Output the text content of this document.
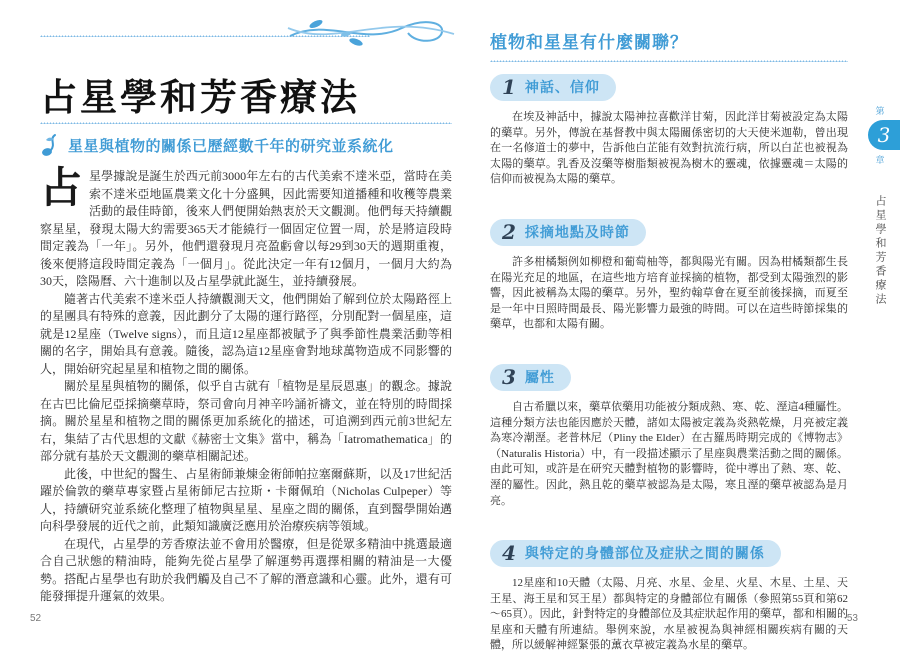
占星學和芳香療法
星星與植物的關係已歷經數千年的研究並系統化

占星學據說是誕生於西元前3000年左右的古代美索不達米亞，當時在美索不達米亞地區農業文化十分盛興，因此需要知道播種和收穫等農業活動的最佳時節，後來人們便開始熱衷於天文觀測。他們每天持續觀察星星，發現太陽大約需要365天才能繞行一個固定位置一周，於是將這段時間定義為「一年」。另外，他們還發現月亮盈虧會以每29到30天的週期重複，後來便將這段時間定義為「一個月」。從此決定一年有12個月，一個月大約為30天，陰陽曆、六十進制以及占星學就此誕生，並持續發展。

隨著古代美索不達米亞人持續觀測天文，他們開始了解到位於太陽路徑上的星團具有特殊的意義，因此劃分了太陽的運行路徑，分別配對一個星座，這就是12星座（Twelve signs），而且這12星座都被賦予了與季節性農業活動等相關的名字，開始具有意義。隨後，認為這12星座會對地球萬物造成不同影響的人，開始研究起星星和植物之間的關係。

關於星星與植物的關係，似乎自古就有「植物是星辰恩惠」的觀念。據說在古巴比倫尼亞採摘藥草時，祭司會向月神辛吟誦祈禱文，並在特別的時間採摘。關於星星和植物之間的關係更加系統化的描述，可追溯到西元前3世紀左右，集結了古代思想的文獻《赫密士文集》當中，稱為「Iatromathematica」的部分就有基於天文觀測的藥草相關記述。

此後，中世紀的醫生、占星術師兼煉金術師帕拉塞爾蘇斯，以及17世紀活躍於倫敦的藥草專家暨占星術師尼古拉斯・卡爾佩珀（Nicholas Culpeper）等人，持續研究並系統化整理了植物與星星、星座之間的關係，直到醫學開始邁向科學發展的近代之前，此類知識廣泛應用於治療疾病等領域。

在現代，占星學的芳香療法並不會用於醫療，但是從眾多精油中挑選最適合自己狀態的精油時，能夠先從占星學了解運勢再選擇相關的精油是一大優勢。搭配占星學也有助於我們觸及自己不了解的潛意識和心靈。此外，還有可能發揮提升運氣的效果。

植物和星星有什麼關聯？
1 神話、信仰

在埃及神話中，據說太陽神拉喜歡洋甘菊，因此洋甘菊被設定為太陽的藥草。另外，傳說在基督教中與太陽關係密切的大天使米迦勒，曾出現在一名修道士的夢中，告訴他白芷能有效對抗流行病，所以白芷也被視為太陽的藥草。乳香及沒藥等樹脂類被視為樹木的靈魂，依據靈魂＝太陽的信仰而被視為太陽的藥草。

2 採摘地點及時節

許多柑橘類例如柳橙和葡萄柚等，都與陽光有關。因為柑橘類都生長在陽光充足的地區，在這些地方培育並採摘的植物，都受到太陽強烈的影響，因此被稱為太陽的藥草。另外，聖約翰草會在夏至前後採摘，而夏至是一年中日照時間最長、陽光影響力最強的時間。可以在這些時節採集的藥草，也都和太陽有關。

3 屬性

自古希臘以來，藥草依藥用功能被分類成熱、寒、乾、溼這4種屬性。這種分類方法也能因應於天體，諸如太陽被定義為炎熱乾燥，月亮被定義為寒冷潮溼。老普林尼（Pliny the Elder）在古羅馬時期完成的《博物志》（Naturalis Historia）中，有一段描述顯示了星座與農業活動之間的關係。由此可知，或許是在研究天體對植物的影響時，從中導出了熱、寒、乾、溼的屬性。因此，熱且乾的藥草被認為是太陽，寒且溼的藥草被認為是月亮。

4 與特定的身體部位及症狀之間的關係

12星座和10天體（太陽、月亮、水星、金星、火星、木星、土星、天王星、海王星和冥王星）都與特定的身體部位有關係（參照第55頁和第62～65頁）。因此，針對特定的身體部位及其症狀起作用的藥草，都和相關的星座和天體有所連結。舉例來說，水星被視為與神經相關疾病有關的天體，所以緩解神經緊張的薰衣草被定義為水星的藥草。

第
3
章
占星學和芳香療法
52	53
